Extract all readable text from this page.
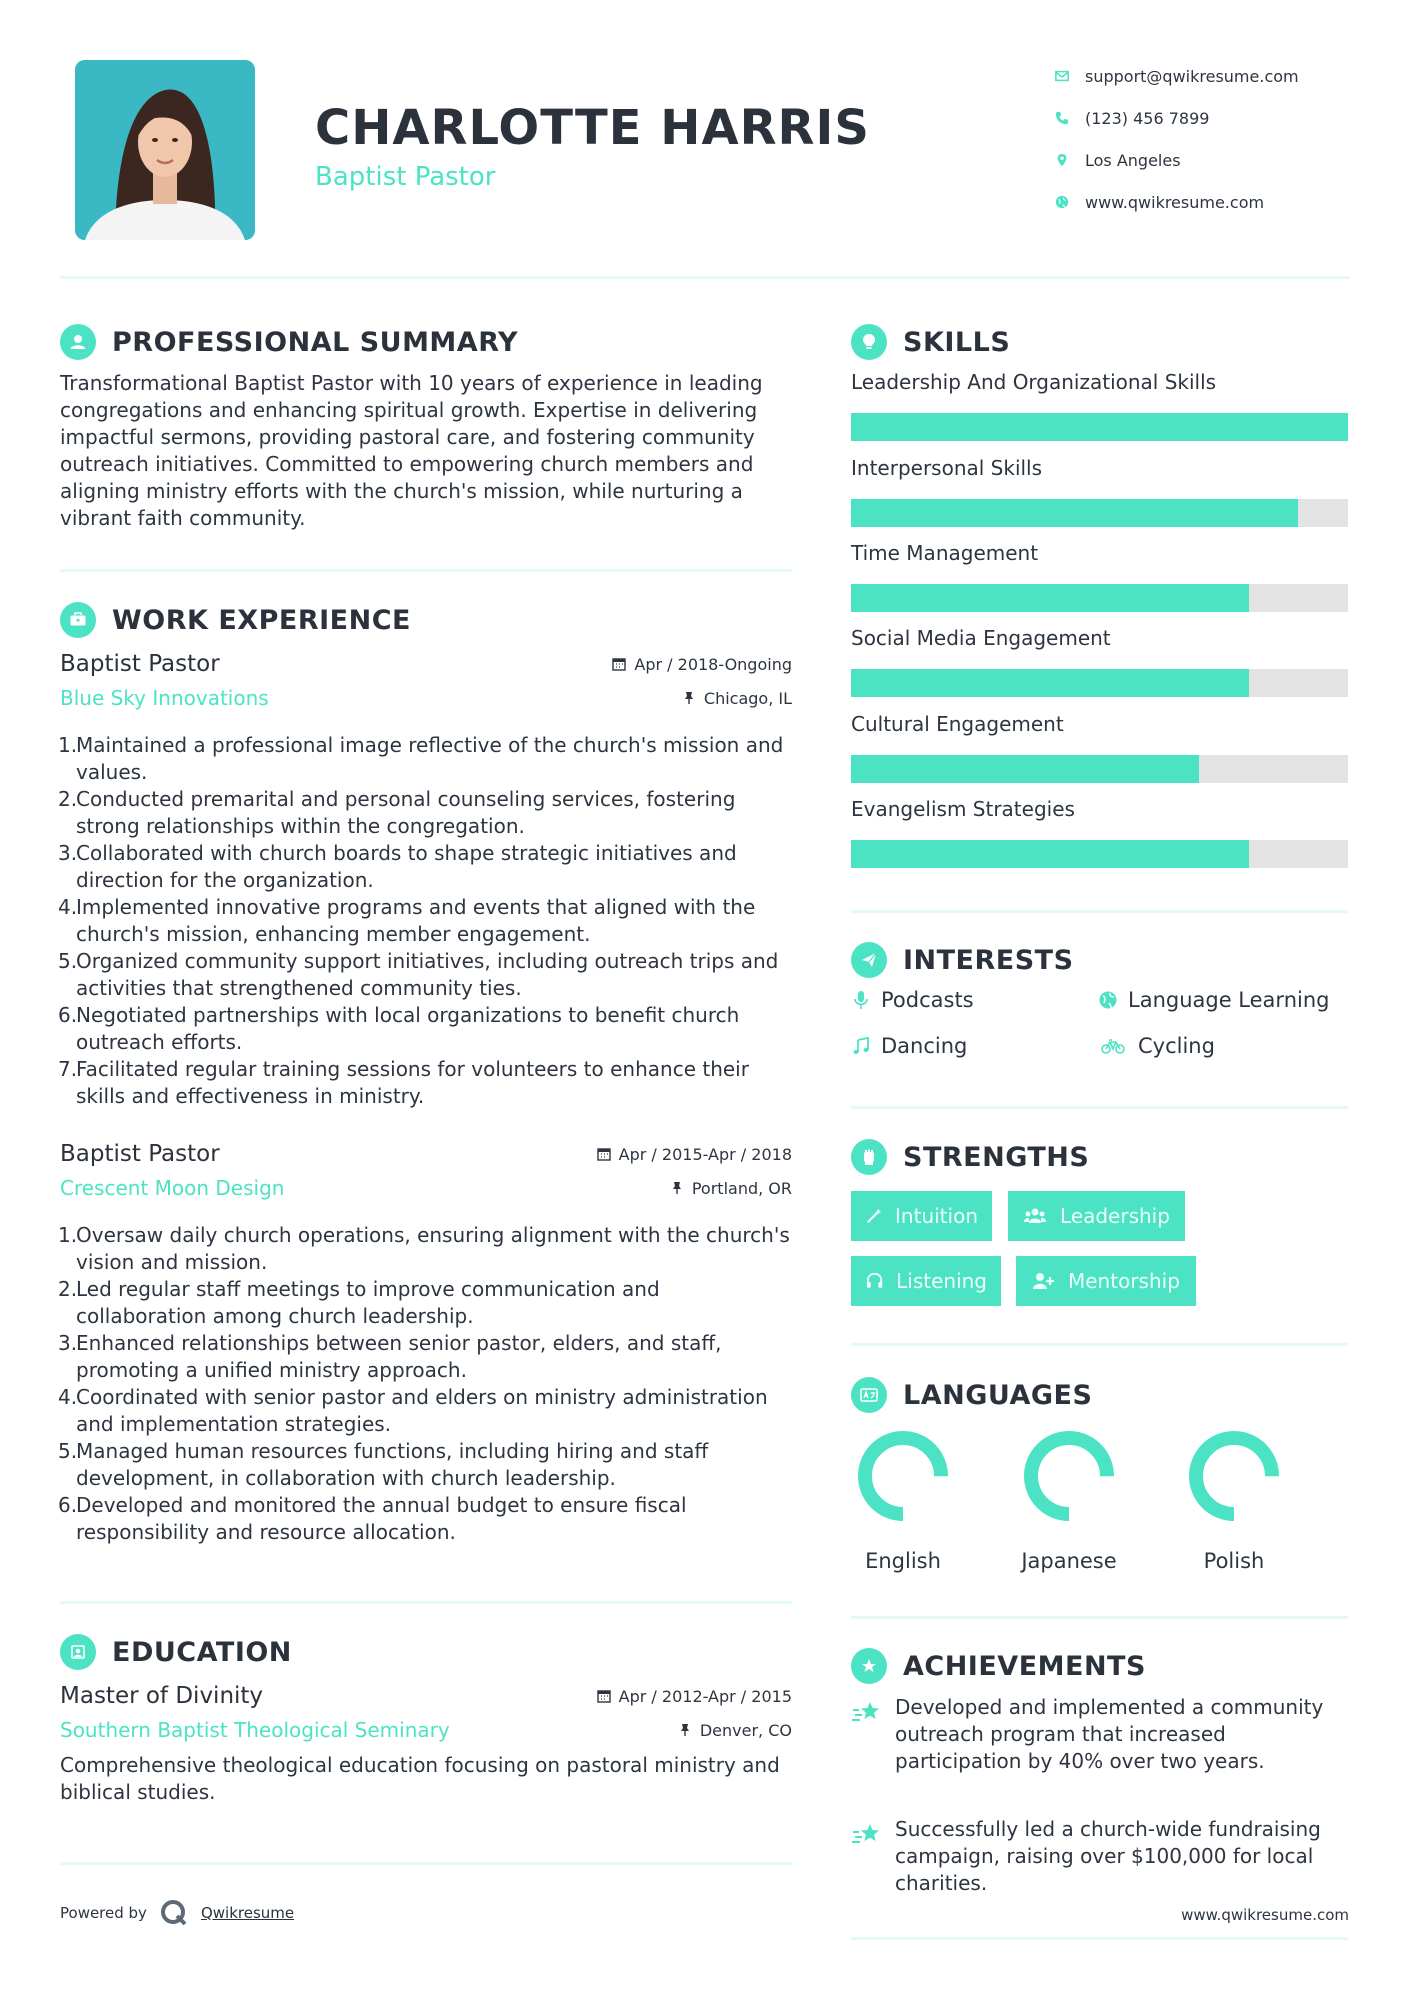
CHARLOTTE HARRIS
Baptist Pastor
support@qwikresume.com
(123) 456 7899
Los Angeles
www.qwikresume.com
PROFESSIONAL SUMMARY
Transformational Baptist Pastor with 10 years of experience in leading congregations and enhancing spiritual growth. Expertise in delivering impactful sermons, providing pastoral care, and fostering community outreach initiatives. Committed to empowering church members and aligning ministry efforts with the church's mission, while nurturing a vibrant faith community.
WORK EXPERIENCE
Baptist Pastor	Apr / 2018-Ongoing
Blue Sky Innovations	Chicago, IL
1.
Maintained a professional image reflective of the church's mission and values.
2.
Conducted premarital and personal counseling services, fostering strong relationships within the congregation.
3.
Collaborated with church boards to shape strategic initiatives and direction for the organization.
4.
Implemented innovative programs and events that aligned with the church's mission, enhancing member engagement.
5.
Organized community support initiatives, including outreach trips and activities that strengthened community ties.
6.
Negotiated partnerships with local organizations to benefit church outreach efforts.
7.
Facilitated regular training sessions for volunteers to enhance their skills and effectiveness in ministry.
Baptist Pastor	Apr / 2015-Apr / 2018
Crescent Moon Design	Portland, OR
1.
Oversaw daily church operations, ensuring alignment with the church's vision and mission.
2.
Led regular staff meetings to improve communication and collaboration among church leadership.
3.
Enhanced relationships between senior pastor, elders, and staff, promoting a unified ministry approach.
4.
Coordinated with senior pastor and elders on ministry administration and implementation strategies.
5.
Managed human resources functions, including hiring and staff development, in collaboration with church leadership.
6.
Developed and monitored the annual budget to ensure fiscal responsibility and resource allocation.
EDUCATION
Master of Divinity	Apr / 2012-Apr / 2015
Southern Baptist Theological Seminary	Denver, CO
Comprehensive theological education focusing on pastoral ministry and biblical studies.
SKILLS
Leadership And Organizational Skills
Interpersonal Skills
Time Management
Social Media Engagement
Cultural Engagement
Evangelism Strategies
INTERESTS
Podcasts	Language Learning
Dancing	Cycling
STRENGTHS
Intuition	Leadership
Listening	Mentorship
LANGUAGES
English	Japanese	Polish
ACHIEVEMENTS
Developed and implemented a community outreach program that increased participation by 40% over two years.
Successfully led a church-wide fundraising campaign, raising over $100,000 for local charities.
Powered by	Qwikresume	www.qwikresume.com
